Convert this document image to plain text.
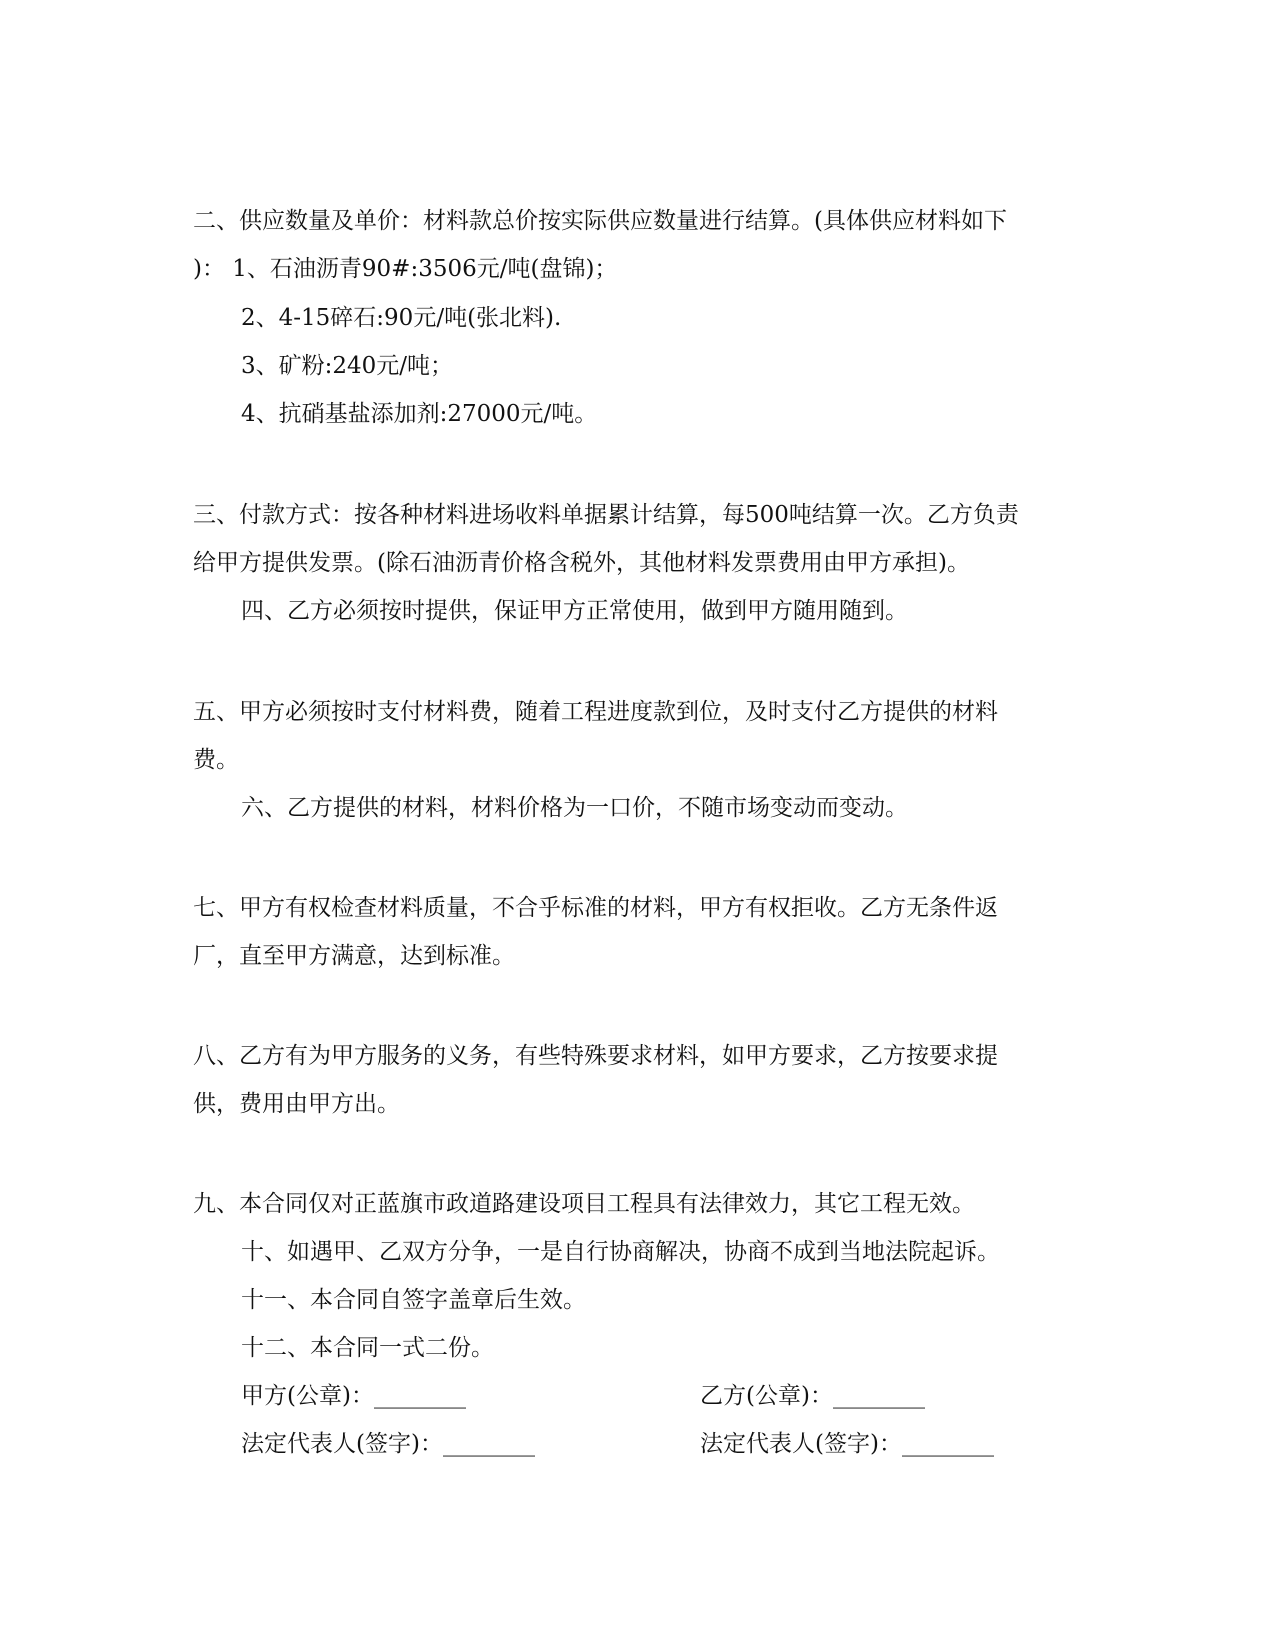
二、供应数量及单价：材料款总价按实际供应数量进行结算。(具体供应材料如下
)： 1、石油沥青90#:3506元/吨(盘锦)；
2、4-15碎石:90元/吨(张北料).
3、矿粉:240元/吨；
4、抗硝基盐添加剂:27000元/吨。
三、付款方式：按各种材料进场收料单据累计结算，每500吨结算一次。乙方负责
给甲方提供发票。(除石油沥青价格含税外，其他材料发票费用由甲方承担)。
四、乙方必须按时提供，保证甲方正常使用，做到甲方随用随到。
五、甲方必须按时支付材料费，随着工程进度款到位，及时支付乙方提供的材料
费。
六、乙方提供的材料，材料价格为一口价，不随市场变动而变动。
七、甲方有权检查材料质量，不合乎标准的材料，甲方有权拒收。乙方无条件返
厂，直至甲方满意，达到标准。
八、乙方有为甲方服务的义务，有些特殊要求材料，如甲方要求，乙方按要求提
供，费用由甲方出。
九、本合同仅对正蓝旗市政道路建设项目工程具有法律效力，其它工程无效。
十、如遇甲、乙双方分争，一是自行协商解决，协商不成到当地法院起诉。
十一、本合同自签字盖章后生效。
十二、本合同一式二份。
甲方(公章)：________	乙方(公章)：________
法定代表人(签字)：________	法定代表人(签字)：________
